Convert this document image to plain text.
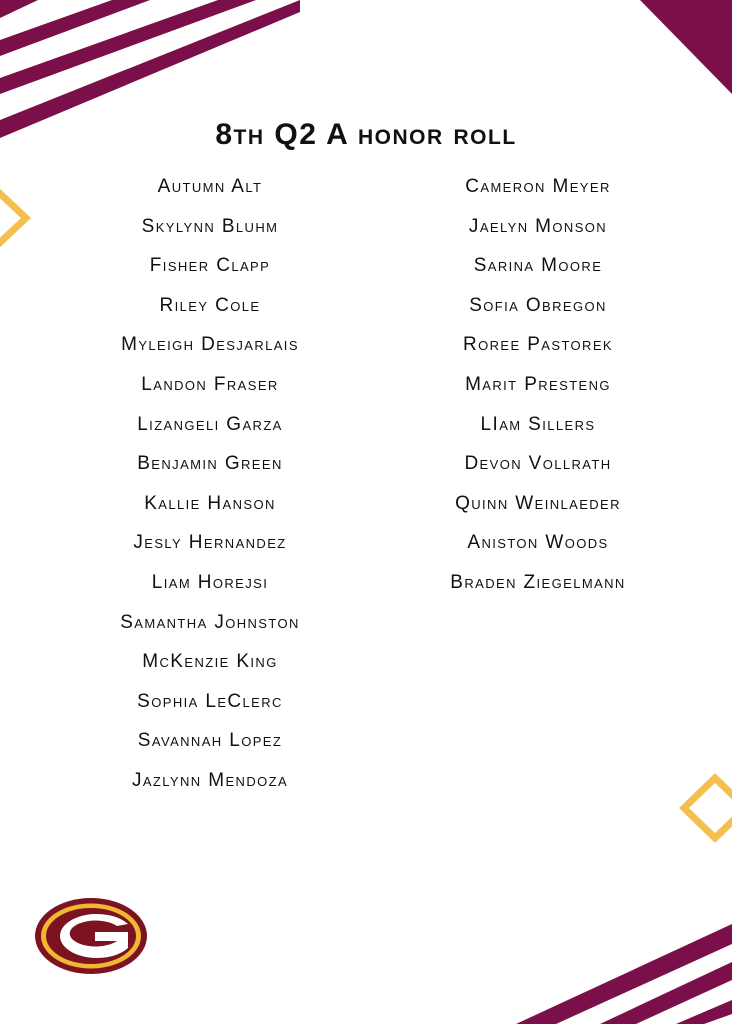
8th Q2 A honor roll
Autumn Alt
Skylynn Bluhm
Fisher Clapp
Riley Cole
Myleigh Desjarlais
Landon Fraser
Lizangeli Garza
Benjamin Green
Kallie Hanson
Jesly Hernandez
Liam Horejsi
Samantha Johnston
McKenzie King
Sophia LeClerc
Savannah Lopez
Jazlynn Mendoza
Cameron Meyer
Jaelyn Monson
Sarina Moore
Sofia Obregon
Roree Pastorek
Marit Presteng
LIam Sillers
Devon Vollrath
Quinn Weinlaeder
Aniston Woods
Braden Ziegelmann
